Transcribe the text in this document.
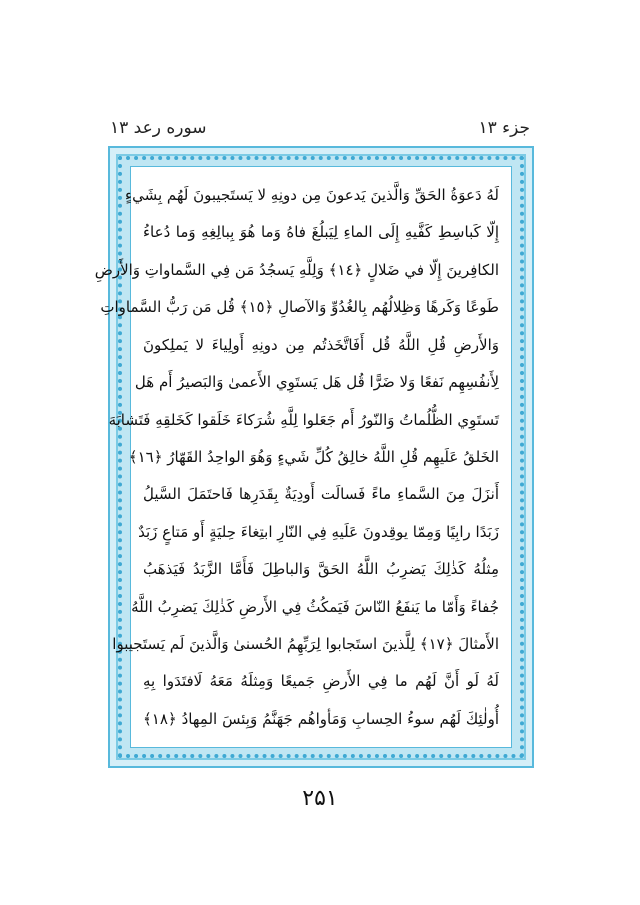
جزء ۱۳
سوره رعد ۱۳
لَهُ دَعوَةُ الحَقِّ وَالَّذينَ يَدعونَ مِن دونِهِ لا يَستَجيبونَ لَهُم بِشَيءٍ
إِلّا كَباسِطِ كَفَّيهِ إِلَى الماءِ لِيَبلُغَ فاهُ وَما هُوَ بِبالِغِهِ وَما دُعاءُ
الكافِرينَ إِلّا في ضَلالٍ ﴿١٤﴾ وَلِلَّهِ يَسجُدُ مَن فِي السَّماواتِ وَالأَرضِ
طَوعًا وَكَرهًا وَظِلالُهُم بِالغُدُوِّ وَالآصالِ ﴿١٥﴾ قُل مَن رَبُّ السَّماواتِ
وَالأَرضِ قُلِ اللَّهُ قُل أَفَاتَّخَذتُم مِن دونِهِ أَولِياءَ لا يَملِكونَ
لِأَنفُسِهِم نَفعًا وَلا ضَرًّا قُل هَل يَستَوِي الأَعمىٰ وَالبَصيرُ أَم هَل
تَستَوِي الظُّلُماتُ وَالنّورُ أَم جَعَلوا لِلَّهِ شُرَكاءَ خَلَقوا كَخَلقِهِ فَتَشابَهَ
الخَلقُ عَلَيهِم قُلِ اللَّهُ خالِقُ كُلِّ شَيءٍ وَهُوَ الواحِدُ القَهّارُ ﴿١٦﴾
أَنزَلَ مِنَ السَّماءِ ماءً فَسالَت أَودِيَةٌ بِقَدَرِها فَاحتَمَلَ السَّيلُ
زَبَدًا رابِيًا وَمِمّا يوقِدونَ عَلَيهِ فِي النّارِ ابتِغاءَ حِليَةٍ أَو مَتاعٍ زَبَدٌ
مِثلُهُ كَذٰلِكَ يَضرِبُ اللَّهُ الحَقَّ وَالباطِلَ فَأَمَّا الزَّبَدُ فَيَذهَبُ
جُفاءً وَأَمّا ما يَنفَعُ النّاسَ فَيَمكُثُ فِي الأَرضِ كَذٰلِكَ يَضرِبُ اللَّهُ
الأَمثالَ ﴿١٧﴾ لِلَّذينَ استَجابوا لِرَبِّهِمُ الحُسنىٰ وَالَّذينَ لَم يَستَجيبوا
لَهُ لَو أَنَّ لَهُم ما فِي الأَرضِ جَميعًا وَمِثلَهُ مَعَهُ لَافتَدَوا بِهِ
أُولٰئِكَ لَهُم سوءُ الحِسابِ وَمَأواهُم جَهَنَّمُ وَبِئسَ المِهادُ ﴿١٨﴾
۲۵۱
